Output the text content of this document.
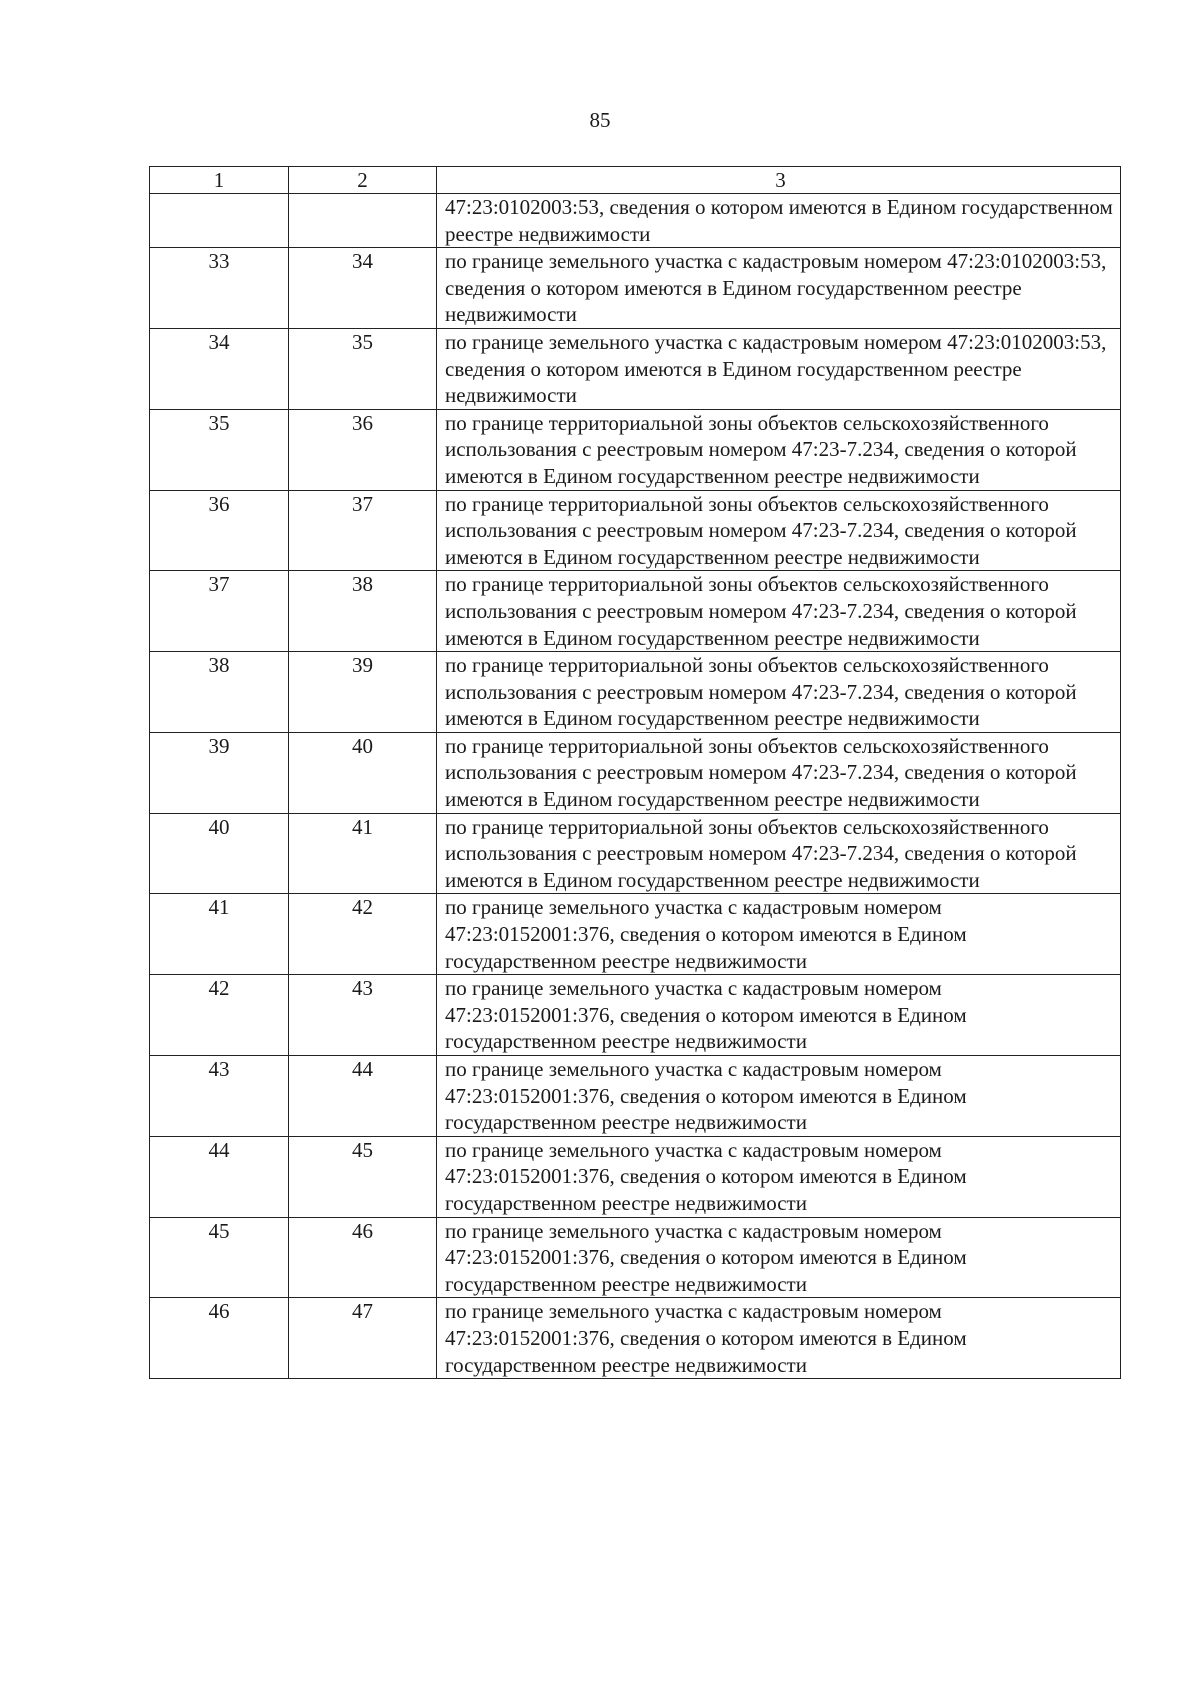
85
1	2	3
		47:23:0102003:53, сведения о котором имеются в Едином государственном реестре недвижимости
33	34	по границе земельного участка с кадастровым номером 47:23:0102003:53, сведения о котором имеются в Едином государственном реестре недвижимости
34	35	по границе земельного участка с кадастровым номером 47:23:0102003:53, сведения о котором имеются в Едином государственном реестре недвижимости
35	36	по границе территориальной зоны объектов сельскохозяйственного использования с реестровым номером 47:23-7.234, сведения о которой имеются в Едином государственном реестре недвижимости
36	37	по границе территориальной зоны объектов сельскохозяйственного использования с реестровым номером 47:23-7.234, сведения о которой имеются в Едином государственном реестре недвижимости
37	38	по границе территориальной зоны объектов сельскохозяйственного использования с реестровым номером 47:23-7.234, сведения о которой имеются в Едином государственном реестре недвижимости
38	39	по границе территориальной зоны объектов сельскохозяйственного использования с реестровым номером 47:23-7.234, сведения о которой имеются в Едином государственном реестре недвижимости
39	40	по границе территориальной зоны объектов сельскохозяйственного использования с реестровым номером 47:23-7.234, сведения о которой имеются в Едином государственном реестре недвижимости
40	41	по границе территориальной зоны объектов сельскохозяйственного использования с реестровым номером 47:23-7.234, сведения о которой имеются в Едином государственном реестре недвижимости
41	42	по границе земельного участка с кадастровым номером 47:23:0152001:376, сведения о котором имеются в Едином государственном реестре недвижимости
42	43	по границе земельного участка с кадастровым номером 47:23:0152001:376, сведения о котором имеются в Едином государственном реестре недвижимости
43	44	по границе земельного участка с кадастровым номером 47:23:0152001:376, сведения о котором имеются в Едином государственном реестре недвижимости
44	45	по границе земельного участка с кадастровым номером 47:23:0152001:376, сведения о котором имеются в Едином государственном реестре недвижимости
45	46	по границе земельного участка с кадастровым номером 47:23:0152001:376, сведения о котором имеются в Едином государственном реестре недвижимости
46	47	по границе земельного участка с кадастровым номером 47:23:0152001:376, сведения о котором имеются в Едином государственном реестре недвижимости
